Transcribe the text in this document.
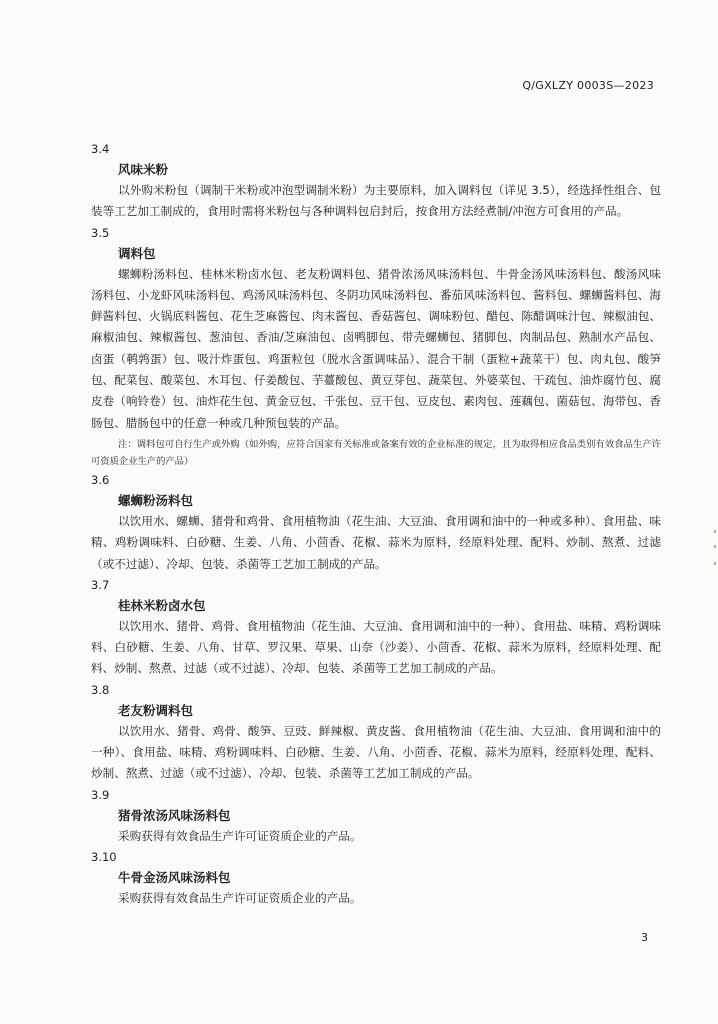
Q/GXLZY 0003S—2023
3.4
风味米粉

以外购米粉包（调制干米粉或冲泡型调制米粉）为主要原料，加入调料包（详见 3.5），经选择性组合、包装等工艺加工制成的，食用时需将米粉包与各种调料包启封后，按食用方法经煮制/冲泡方可食用的产品。

3.5
调料包

螺蛳粉汤料包、桂林米粉卤水包、老友粉调料包、猪骨浓汤风味汤料包、牛骨金汤风味汤料包、酸汤风味汤料包、小龙虾风味汤料包、鸡汤风味汤料包、冬阴功风味汤料包、番茄风味汤料包、酱料包、螺蛳酱料包、海鲜酱料包、火锅底料酱包、花生芝麻酱包、肉末酱包、香菇酱包、调味粉包、醋包、陈醋调味汁包、辣椒油包、麻椒油包、辣椒酱包、葱油包、香油/芝麻油包、卤鸭脚包、带壳螺蛳包、猪脚包、肉制品包、熟制水产品包、卤蛋（鹌鹑蛋）包、吸汁炸蛋包、鸡蛋粒包（脱水含蛋调味品）、混合干制（蛋粒+蔬菜干）包、肉丸包、酸笋包、配菜包、酸菜包、木耳包、仔姜酸包、芋薹酸包、黄豆芽包、蔬菜包、外婆菜包、干疏包、油炸腐竹包、腐皮卷（响铃卷）包、油炸花生包、黄金豆包、千张包、豆干包、豆皮包、素肉包、莲藕包、菌菇包、海带包、香肠包、腊肠包中的任意一种或几种预包装的产品。

注：调料包可自行生产或外购（如外购，应符合国家有关标准或备案有效的企业标准的规定，且为取得相应食品类别有效食品生产许可资质企业生产的产品）

3.6
螺蛳粉汤料包

以饮用水、螺蛳、猪骨和鸡骨、食用植物油（花生油、大豆油、食用调和油中的一种或多种）、食用盐、味精、鸡粉调味料、白砂糖、生姜、八角、小茴香、花椒、蒜米为原料，经原料处理、配料、炒制、熬煮、过滤（或不过滤）、冷却、包装、杀菌等工艺加工制成的产品。

3.7
桂林米粉卤水包

以饮用水、猪骨、鸡骨、食用植物油（花生油、大豆油、食用调和油中的一种）、食用盐、味精、鸡粉调味料、白砂糖、生姜、八角、甘草、罗汉果、草果、山奈（沙姜）、小茴香、花椒、蒜米为原料，经原料处理、配料、炒制、熬煮、过滤（或不过滤）、冷却、包装、杀菌等工艺加工制成的产品。

3.8
老友粉调料包

以饮用水、猪骨、鸡骨、酸笋、豆豉、鲜辣椒、黄皮酱、食用植物油（花生油、大豆油、食用调和油中的一种）、食用盐、味精、鸡粉调味料、白砂糖、生姜、八角、小茴香、花椒、蒜米为原料，经原料处理、配料、炒制、熬煮、过滤（或不过滤）、冷却、包装、杀菌等工艺加工制成的产品。

3.9
猪骨浓汤风味汤料包

采购获得有效食品生产许可证资质企业的产品。

3.10
牛骨金汤风味汤料包

采购获得有效食品生产许可证资质企业的产品。

3
